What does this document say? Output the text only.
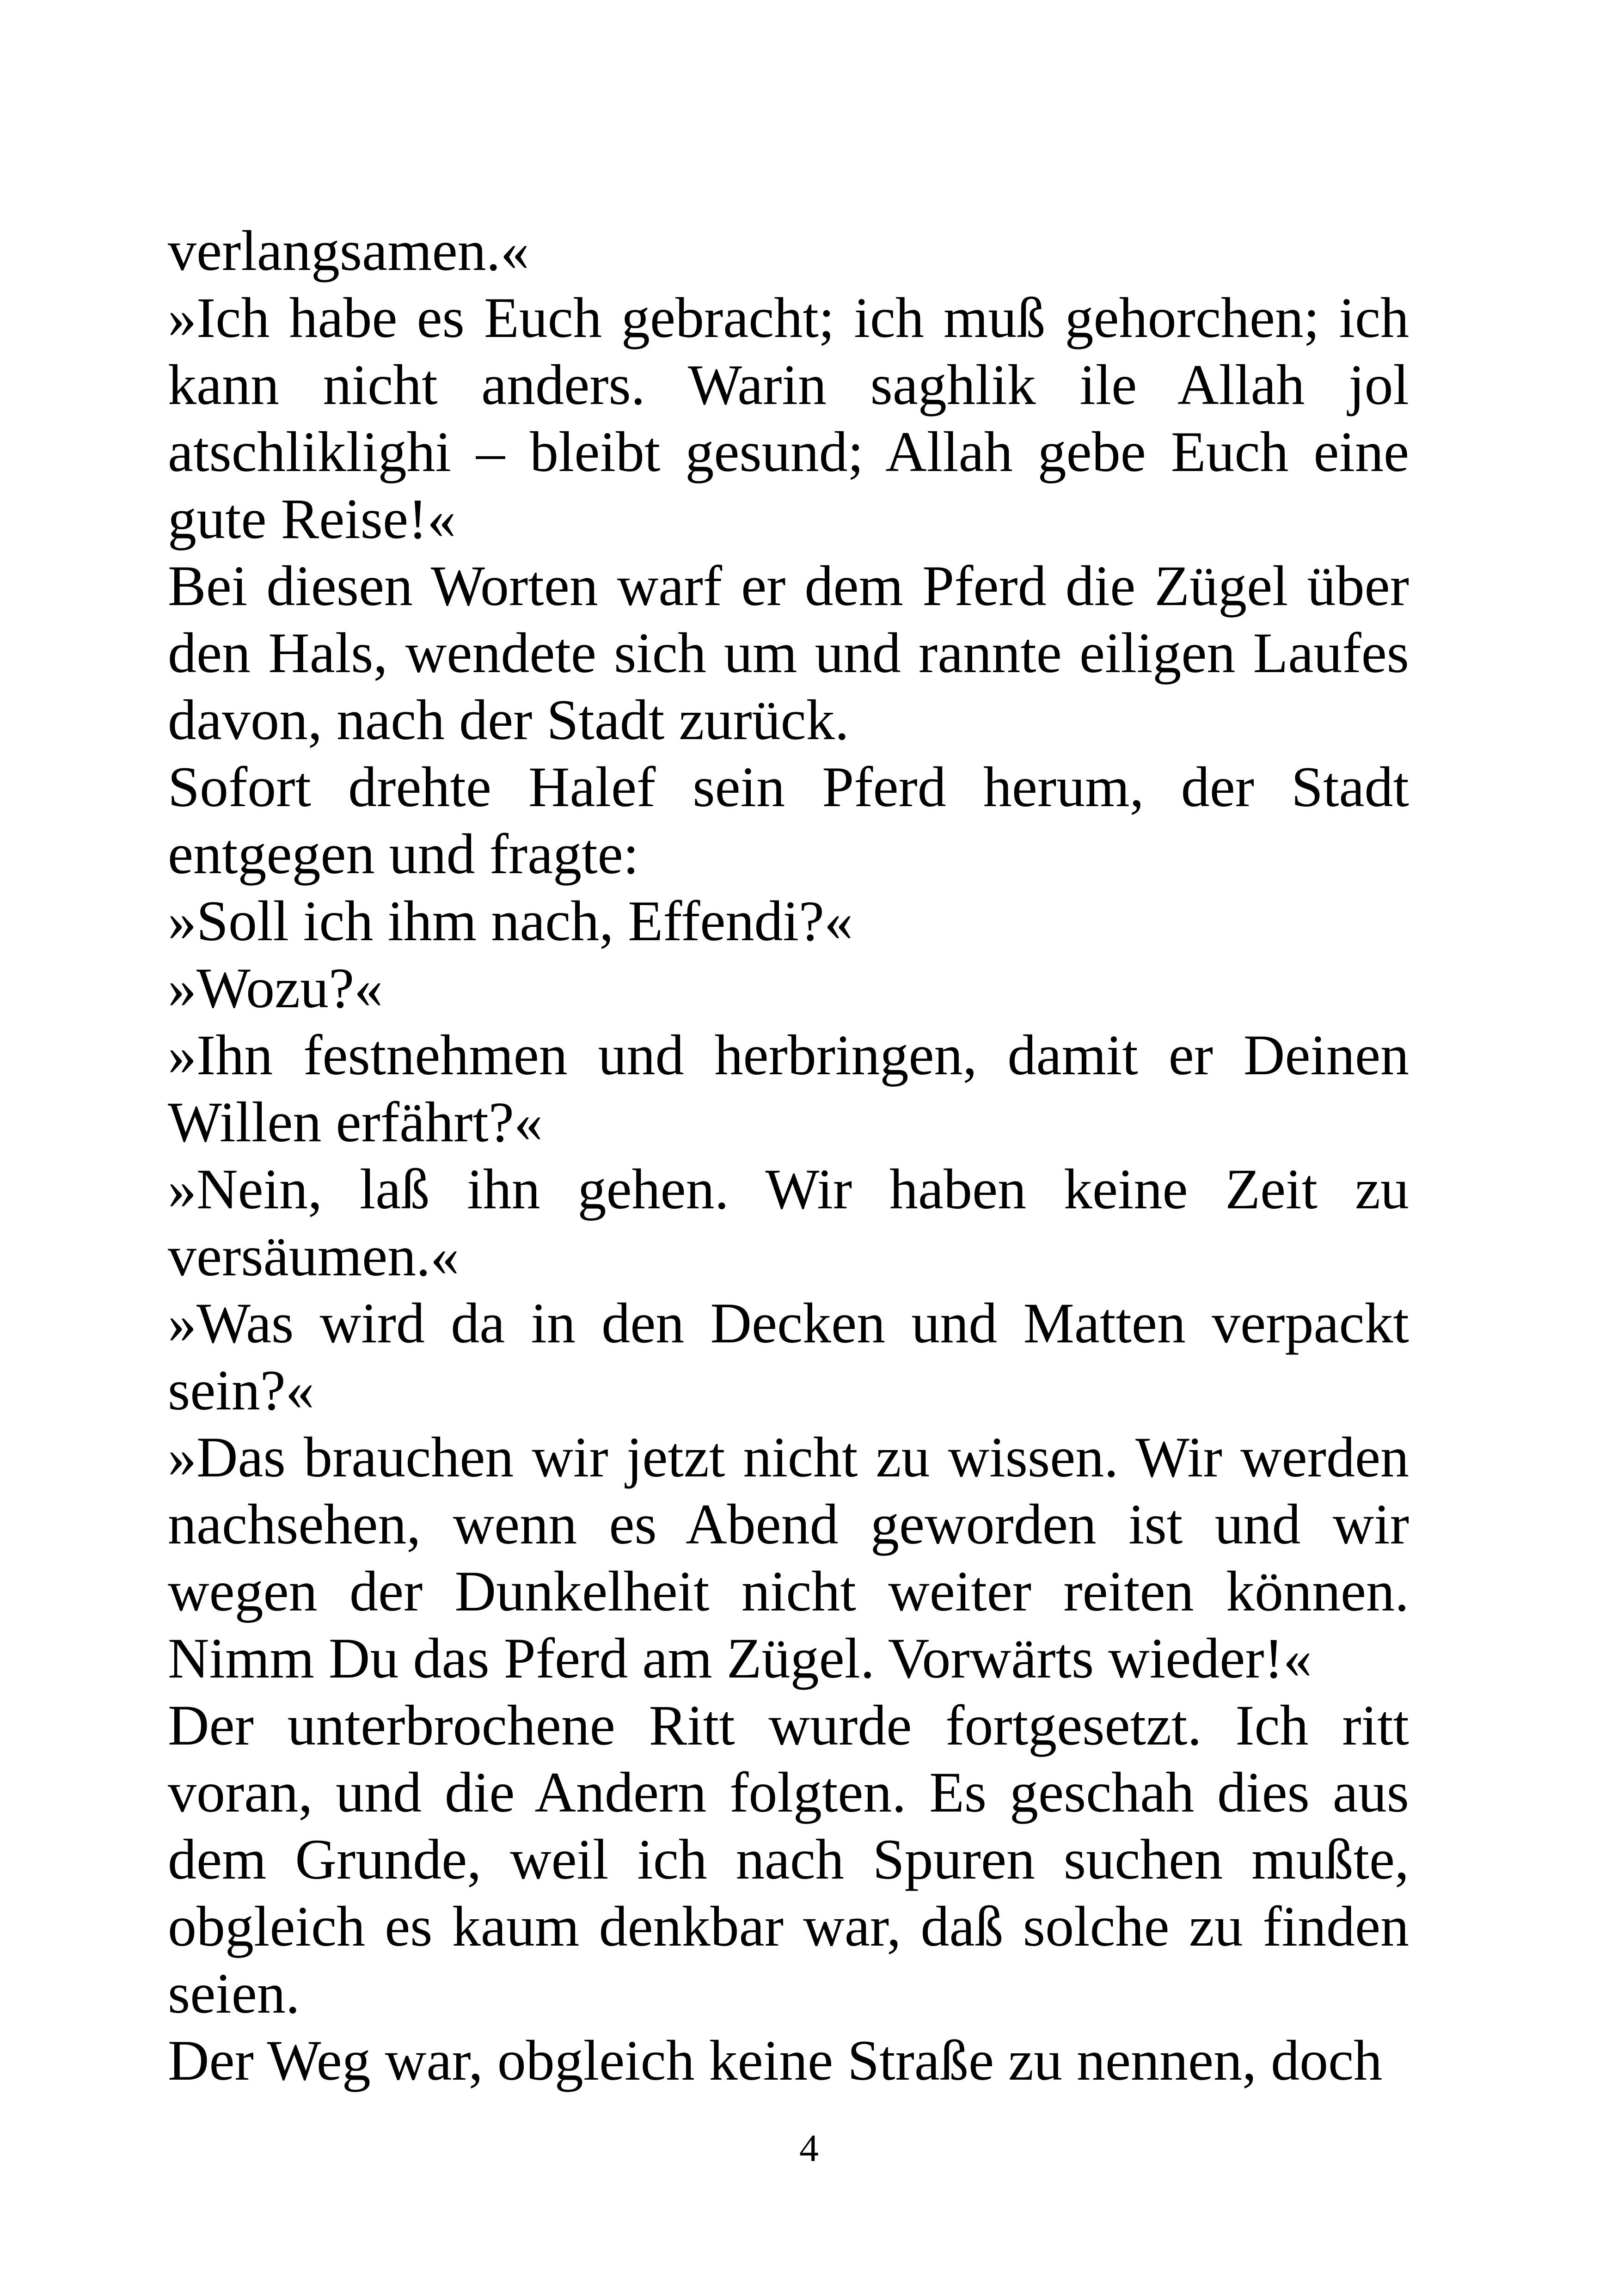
verlangsamen.«

»Ich habe es Euch gebracht; ich muß gehorchen; ich kann nicht anders. Warin saghlik ile Allah jol atschliklighi – bleibt gesund; Allah gebe Euch eine gute Reise!«

Bei diesen Worten warf er dem Pferd die Zügel über den Hals, wendete sich um und rannte eiligen Laufes davon, nach der Stadt zurück.

Sofort drehte Halef sein Pferd herum, der Stadt entgegen und fragte:

»Soll ich ihm nach, Effendi?«

»Wozu?«

»Ihn festnehmen und herbringen, damit er Deinen Willen erfährt?«

»Nein, laß ihn gehen. Wir haben keine Zeit zu versäumen.«

»Was wird da in den Decken und Matten verpackt sein?«

»Das brauchen wir jetzt nicht zu wissen. Wir werden nachsehen, wenn es Abend geworden ist und wir wegen der Dunkelheit nicht weiter reiten können. Nimm Du das Pferd am Zügel. Vorwärts wieder!«

Der unterbrochene Ritt wurde fortgesetzt. Ich ritt voran, und die Andern folgten. Es geschah dies aus dem Grunde, weil ich nach Spuren suchen mußte, obgleich es kaum denkbar war, daß solche zu finden seien.

Der Weg war, obgleich keine Straße zu nennen, doch

4
